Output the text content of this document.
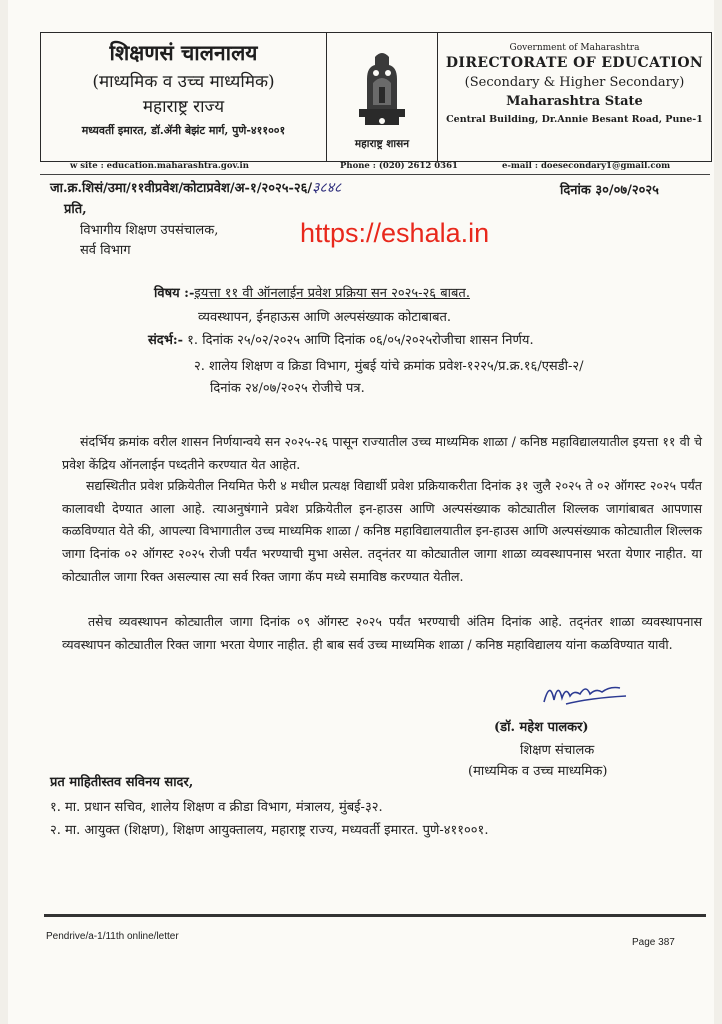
शिक्षणसं चालनालय
(माध्यमिक व उच्च माध्यमिक)
महाराष्ट्र राज्य
मध्यवर्ती इमारत, डॉ.ॲनी बेझंट मार्ग, पुणे-४११००१
महाराष्ट्र शासन
Government of Maharashtra
DIRECTORATE OF EDUCATION
(Secondary & Higher Secondary)
Maharashtra State
Central Building, Dr.Annie Besant Road, Pune-1
w site : education.maharashtra.gov.in	Phone : (020) 2612 0361	e-mail : doesecondary1@gmail.com
जा.क्र.शिसं/उमा/११वीप्रवेश/कोटाप्रवेश/अ-१/२०२५-२६/३८४८	दिनांक ३०/०७/२०२५
प्रति,
विभागीय शिक्षण उपसंचालक,
सर्व विभाग
https://eshala.in
विषय :-इयत्ता ११ वी ऑनलाईन प्रवेश प्रक्रिया सन २०२५-२६ बाबत.
व्यवस्थापन, ईनहाऊस आणि अल्पसंख्याक कोटाबाबत.
संदर्भ:- १. दिनांक २५/०२/२०२५ आणि दिनांक ०६/०५/२०२५रोजीचा शासन निर्णय.
२. शालेय शिक्षण व क्रिडा विभाग, मुंबई यांचे क्रमांक प्रवेश-१२२५/प्र.क्र.१६/एसडी-२/
दिनांक २४/०७/२०२५ रोजीचे पत्र.
संदर्भिय क्रमांक वरील शासन निर्णयान्वये सन २०२५-२६ पासून राज्यातील उच्च माध्यमिक शाळा / कनिष्ठ महाविद्यालयातील इयत्ता ११ वी चे प्रवेश केंद्रिय ऑनलाईन पध्दतीने करण्यात येत आहेत.
सद्यस्थितीत प्रवेश प्रक्रियेतील नियमित फेरी ४ मधील प्रत्यक्ष विद्यार्थी प्रवेश प्रक्रियाकरीता दिनांक ३१ जुलै २०२५ ते ०२ ऑगस्ट २०२५ पर्यंत कालावधी देण्यात आला आहे. त्याअनुषंगाने प्रवेश प्रक्रियेतील इन-हाउस आणि अल्पसंख्याक कोट्यातील शिल्लक जागांबाबत आपणास कळविण्यात येते की, आपल्या विभागातील उच्च माध्यमिक शाळा / कनिष्ठ महाविद्यालयातील इन-हाउस आणि अल्पसंख्याक कोट्यातील शिल्लक जागा दिनांक ०२ ऑगस्ट २०२५ रोजी पर्यंत भरण्याची मुभा असेल. तद्नंतर या कोट्यातील जागा शाळा व्यवस्थापनास भरता येणार नाहीत. या कोट्यातील जागा रिक्त असल्यास त्या सर्व रिक्त जागा कॅप मध्ये समाविष्ठ करण्यात येतील.
तसेच व्यवस्थापन कोट्यातील जागा दिनांक ०९ ऑगस्ट २०२५ पर्यंत भरण्याची अंतिम दिनांक आहे. तद्नंतर शाळा व्यवस्थापनास व्यवस्थापन कोट्यातील रिक्त जागा भरता येणार नाहीत. ही बाब सर्व उच्च माध्यमिक शाळा / कनिष्ठ महाविद्यालय यांना कळविण्यात यावी.
MPalkar
(डॉ. महेश पालकर)
शिक्षण संचालक
(माध्यमिक व उच्च माध्यमिक)
प्रत माहितीस्तव सविनय सादर,
१. मा. प्रधान सचिव, शालेय शिक्षण व क्रीडा विभाग, मंत्रालय, मुंबई-३२.
२. मा. आयुक्त (शिक्षण), शिक्षण आयुक्तालय, महाराष्ट्र राज्य, मध्यवर्ती इमारत. पुणे-४११००१.
Pendrive/a-1/11th online/letter
Page 387
